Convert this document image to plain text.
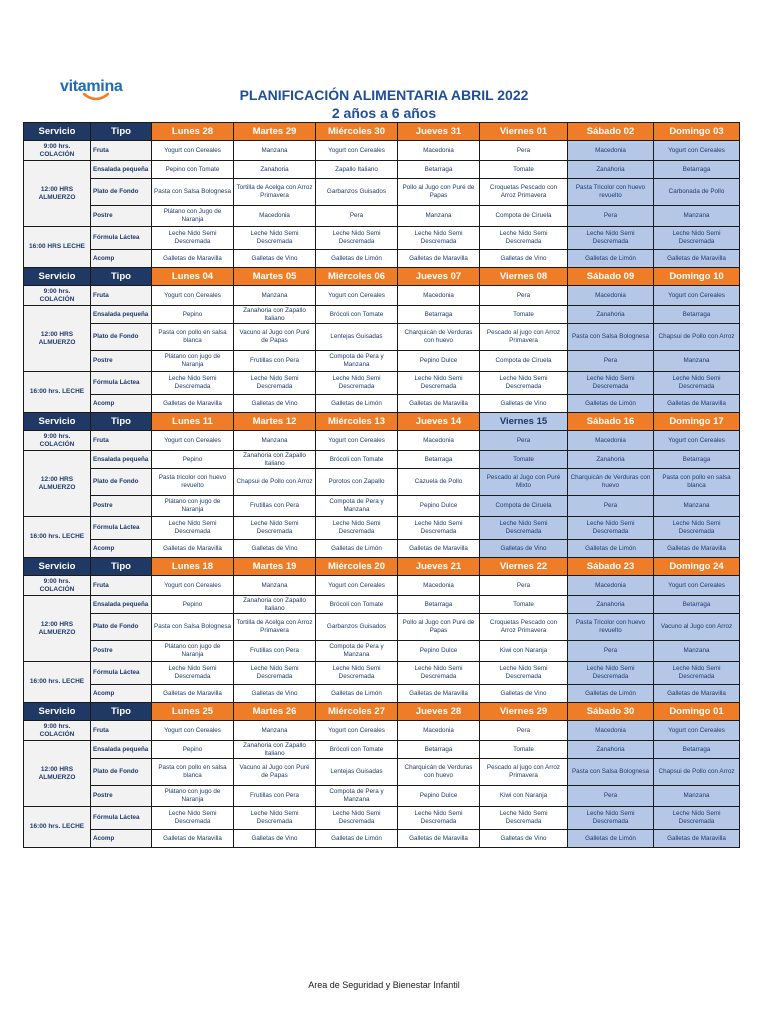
vitamina	PLANIFICACIÓN ALIMENTARIA ABRIL 2022
2 años a 6 años
Servicio	Tipo	Lunes 28	Martes 29	Miércoles 30	Jueves 31	Viernes 01	Sábado 02	Domingo 03
9:00 hrs. COLACIÓN	Fruta	Yogurt con Cereales	Manzana	Yogurt con Cereales	Macedonia	Pera	Macedonia	Yogurt con Cereales
12:00 HRS ALMUERZO	Ensalada pequeña	Pepino con Tomate	Zanahoria	Zapallo Italiano	Betarraga	Tomate	Zanahoria	Betarraga
	Plato de Fondo	Pasta con Salsa Bolognesa	Tortilla de Acelga con Arroz Primavera	Garbanzos Guisados	Pollo al Jugo con Puré de Papas	Croquetas Pescado con Arroz Primavera	Pasta Tricolor con huevo revuelto	Carbonada de Pollo
	Postre	Plátano con Jugo de Naranja	Macedonia	Pera	Manzana	Compota de Ciruela	Pera	Manzana
16:00 HRS LECHE	Fórmula Láctea	Leche Nido Semi Descremada	Leche Nido Semi Descremada	Leche Nido Semi Descremada	Leche Nido Semi Descremada	Leche Nido Semi Descremada	Leche Nido Semi Descremada	Leche Nido Semi Descremada
	Acomp	Galletas de Maravilla	Galletas de Vino	Galletas de Limón	Galletas de Maravilla	Galletas de Vino	Galletas de Limón	Galletas de Maravilla
Servicio	Tipo	Lunes 04	Martes 05	Miércoles 06	Jueves 07	Viernes 08	Sábado 09	Domingo 10
9:00 hrs. COLACIÓN	Fruta	Yogurt con Cereales	Manzana	Yogurt con Cereales	Macedonia	Pera	Macedonia	Yogurt con Cereales
12:00 HRS ALMUERZO	Ensalada pequeña	Pepino	Zanahoria con Zapallo Italiano	Brócoli con Tomate	Betarraga	Tomate	Zanahoria	Betarraga
	Plato de Fondo	Pasta con pollo en salsa blanca	Vacuno al Jugo con Puré de Papas	Lentejas Guisadas	Charquicán de Verduras con huevo	Pescado al jugo con Arroz Primavera	Pasta con Salsa Bolognesa	Chapsui de Pollo con Arroz
	Postre	Plátano con jugo de Naranja	Frutillas con Pera	Compota de Pera y Manzana	Pepino Dulce	Compota de Ciruela	Pera	Manzana
16:00 hrs. LECHE	Fórmula Láctea	Leche Nido Semi Descremada	Leche Nido Semi Descremada	Leche Nido Semi Descremada	Leche Nido Semi Descremada	Leche Nido Semi Descremada	Leche Nido Semi Descremada	Leche Nido Semi Descremada
	Acomp	Galletas de Maravilla	Galletas de Vino	Galletas de Limón	Galletas de Maravilla	Galletas de Vino	Galletas de Limón	Galletas de Maravilla
Servicio	Tipo	Lunes 11	Martes 12	Miércoles 13	Jueves 14	Viernes 15	Sábado 16	Domingo 17
9:00 hrs. COLACIÓN	Fruta	Yogurt con Cereales	Manzana	Yogurt con Cereales	Macedonia	Pera	Macedonia	Yogurt con Cereales
12:00 HRS ALMUERZO	Ensalada pequeña	Pepino	Zanahoria con Zapallo Italiano	Brócoli con Tomate	Betarraga	Tomate	Zanahoria	Betarraga
	Plato de Fondo	Pasta tricolor con huevo revuelto	Chapsui de Pollo con Arroz	Porotos con Zapallo	Cazuela de Pollo	Pescado al Jugo con Puré Mixto	Charquicán de Verduras con huevo	Pasta con pollo en salsa blanca
	Postre	Plátano con jugo de Naranja	Frutillas con Pera	Compota de Pera y Manzana	Pepino Dulce	Compota de Ciruela	Pera	Manzana
16:00 hrs. LECHE	Fórmula Láctea	Leche Nido Semi Descremada	Leche Nido Semi Descremada	Leche Nido Semi Descremada	Leche Nido Semi Descremada	Leche Nido Semi Descremada	Leche Nido Semi Descremada	Leche Nido Semi Descremada
	Acomp	Galletas de Maravilla	Galletas de Vino	Galletas de Limón	Galletas de Maravilla	Galletas de Vino	Galletas de Limón	Galletas de Maravilla
Servicio	Tipo	Lunes 18	Martes 19	Miércoles 20	Jueves 21	Viernes 22	Sábado 23	Domingo 24
9:00 hrs. COLACIÓN	Fruta	Yogurt con Cereales	Manzana	Yogurt con Cereales	Macedonia	Pera	Macedonia	Yogurt con Cereales
12:00 HRS ALMUERZO	Ensalada pequeña	Pepino	Zanahoria con Zapallo Italiano	Brócoli con Tomate	Betarraga	Tomate	Zanahoria	Betarraga
	Plato de Fondo	Pasta con Salsa Bolognesa	Tortilla de Acelga con Arroz Primavera	Garbanzos Guisados	Pollo al Jugo con Puré de Papas	Croquetas Pescado con Arroz Primavera	Pasta Tricolor con huevo revuelto	Vacuno al Jugo con Arroz
	Postre	Plátano con jugo de Naranja	Frutillas con Pera	Compota de Pera y Manzana	Pepino Dulce	Kiwi con Naranja	Pera	Manzana
16:00 hrs. LECHE	Fórmula Láctea	Leche Nido Semi Descremada	Leche Nido Semi Descremada	Leche Nido Semi Descremada	Leche Nido Semi Descremada	Leche Nido Semi Descremada	Leche Nido Semi Descremada	Leche Nido Semi Descremada
	Acomp	Galletas de Maravilla	Galletas de Vino	Galletas de Limón	Galletas de Maravilla	Galletas de Vino	Galletas de Limón	Galletas de Maravilla
Servicio	Tipo	Lunes 25	Martes 26	Miércoles 27	Jueves 28	Viernes 29	Sábado 30	Domingo 01
9:00 hrs. COLACIÓN	Fruta	Yogurt con Cereales	Manzana	Yogurt con Cereales	Macedonia	Pera	Macedonia	Yogurt con Cereales
12:00 HRS ALMUERZO	Ensalada pequeña	Pepino	Zanahoria con Zapallo Italiano	Brócoli con Tomate	Betarraga	Tomate	Zanahoria	Betarraga
	Plato de Fondo	Pasta con pollo en salsa blanca	Vacuno al Jugo con Puré de Papas	Lentejas Guisadas	Charquicán de Verduras con huevo	Pescado al jugo con Arroz Primavera	Pasta con Salsa Bolognesa	Chapsui de Pollo con Arroz
	Postre	Plátano con jugo de Naranja	Frutillas con Pera	Compota de Pera y Manzana	Pepino Dulce	Kiwi con Naranja	Pera	Manzana
16:00 hrs. LECHE	Fórmula Láctea	Leche Nido Semi Descremada	Leche Nido Semi Descremada	Leche Nido Semi Descremada	Leche Nido Semi Descremada	Leche Nido Semi Descremada	Leche Nido Semi Descremada	Leche Nido Semi Descremada
	Acomp	Galletas de Maravilla	Galletas de Vino	Galletas de Limón	Galletas de Maravilla	Galletas de Vino	Galletas de Limón	Galletas de Maravilla
Area de Seguridad y Bienestar Infantil
